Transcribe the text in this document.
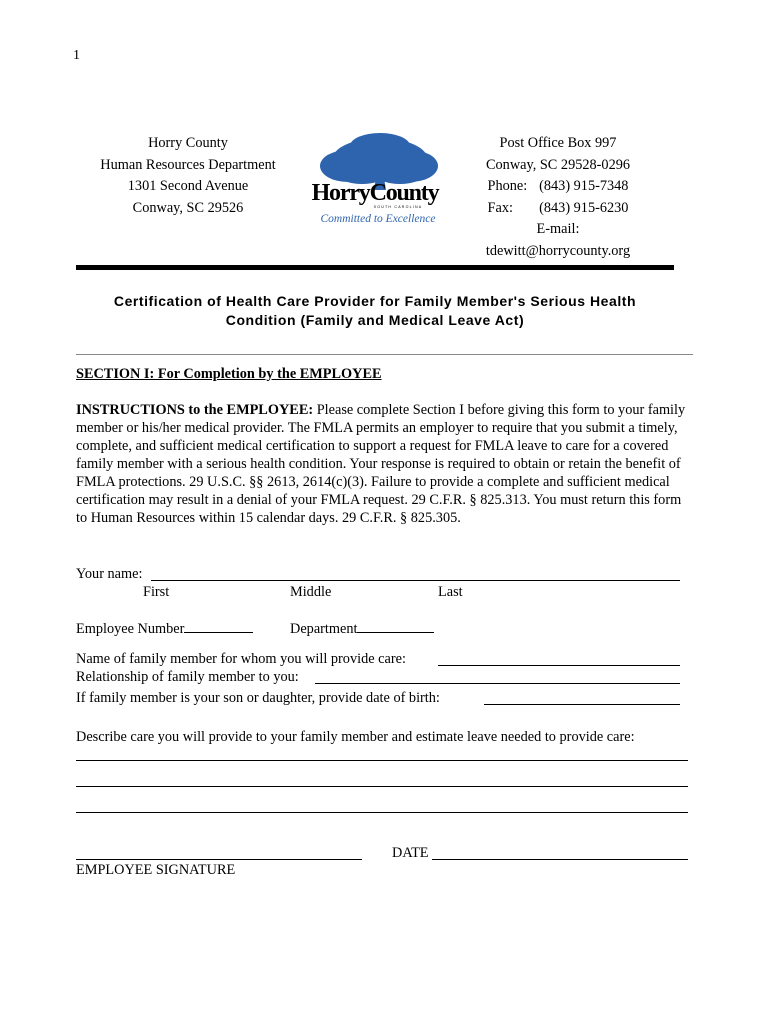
1
Horry County
Human Resources Department
1301 Second Avenue
Conway, SC 29526
HorryCounty
SOUTH CAROLINA
Committed to Excellence
Post Office Box 997
Conway, SC 29528-0296
Phone: (843) 915-7348
Fax: (843) 915-6230
E-mail:
tdewitt@horrycounty.org
Certification of Health Care Provider for Family Member's Serious Health
Condition (Family and Medical Leave Act)
SECTION I: For Completion by the EMPLOYEE
INSTRUCTIONS to the EMPLOYEE: Please complete Section I before giving this form to your family member or his/her medical provider. The FMLA permits an employer to require that you submit a timely, complete, and sufficient medical certification to support a request for FMLA leave to care for a covered family member with a serious health condition. Your response is required to obtain or retain the benefit of FMLA protections. 29 U.S.C. §§ 2613, 2614(c)(3). Failure to provide a complete and sufficient medical certification may result in a denial of your FMLA request. 29 C.F.R. § 825.313. You must return this form to Human Resources within 15 calendar days. 29 C.F.R. § 825.305.
Your name:
First	Middle	Last
Employee Number	Department
Name of family member for whom you will provide care:
Relationship of family member to you:
If family member is your son or daughter, provide date of birth:
Describe care you will provide to your family member and estimate leave needed to provide care:
EMPLOYEE SIGNATURE
DATE
